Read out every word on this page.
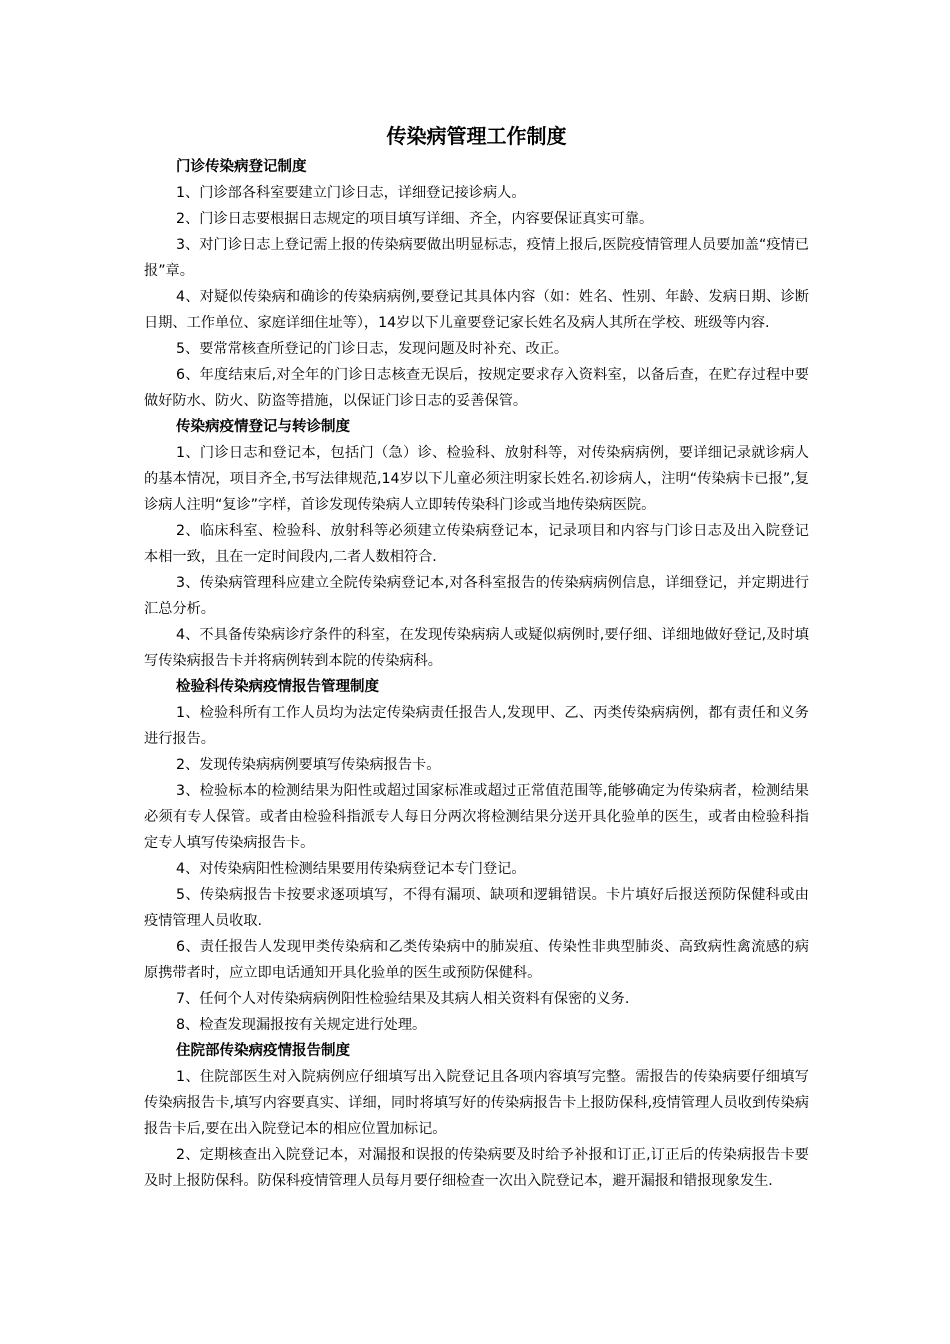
传染病管理工作制度

门诊传染病登记制度

1、门诊部各科室要建立门诊日志，详细登记接诊病人。

2、门诊日志要根据日志规定的项目填写详细、齐全，内容要保证真实可靠。

3、对门诊日志上登记需上报的传染病要做出明显标志，疫情上报后,医院疫情管理人员要加盖“疫情已报”章。

4、对疑似传染病和确诊的传染病病例,要登记其具体内容（如：姓名、性别、年龄、发病日期、诊断日期、工作单位、家庭详细住址等），14岁以下儿童要登记家长姓名及病人其所在学校、班级等内容.

5、要常常核查所登记的门诊日志，发现问题及时补充、改正。

6、年度结束后,对全年的门诊日志核查无误后，按规定要求存入资料室，以备后查，在贮存过程中要做好防水、防火、防盗等措施，以保证门诊日志的妥善保管。

传染病疫情登记与转诊制度

1、门诊日志和登记本，包括门（急）诊、检验科、放射科等，对传染病病例，要详细记录就诊病人的基本情况，项目齐全,书写法律规范,14岁以下儿童必须注明家长姓名.初诊病人，注明“传染病卡已报”,复诊病人注明“复诊”字样，首诊发现传染病人立即转传染科门诊或当地传染病医院。

2、临床科室、检验科、放射科等必须建立传染病登记本，记录项目和内容与门诊日志及出入院登记本相一致，且在一定时间段内,二者人数相符合.

3、传染病管理科应建立全院传染病登记本,对各科室报告的传染病病例信息，详细登记，并定期进行汇总分析。

4、不具备传染病诊疗条件的科室，在发现传染病病人或疑似病例时,要仔细、详细地做好登记,及时填写传染病报告卡并将病例转到本院的传染病科。

检验科传染病疫情报告管理制度

1、检验科所有工作人员均为法定传染病责任报告人,发现甲、乙、丙类传染病病例，都有责任和义务进行报告。

2、发现传染病病例要填写传染病报告卡。

3、检验标本的检测结果为阳性或超过国家标准或超过正常值范围等,能够确定为传染病者，检测结果必须有专人保管。或者由检验科指派专人每日分两次将检测结果分送开具化验单的医生，或者由检验科指定专人填写传染病报告卡。

4、对传染病阳性检测结果要用传染病登记本专门登记。

5、传染病报告卡按要求逐项填写，不得有漏项、缺项和逻辑错误。卡片填好后报送预防保健科或由疫情管理人员收取.

6、责任报告人发现甲类传染病和乙类传染病中的肺炭疽、传染性非典型肺炎、高致病性禽流感的病原携带者时，应立即电话通知开具化验单的医生或预防保健科。

7、任何个人对传染病病例阳性检验结果及其病人相关资料有保密的义务.

8、检查发现漏报按有关规定进行处理。

住院部传染病疫情报告制度

1、住院部医生对入院病例应仔细填写出入院登记且各项内容填写完整。需报告的传染病要仔细填写传染病报告卡,填写内容要真实、详细，同时将填写好的传染病报告卡上报防保科,疫情管理人员收到传染病报告卡后,要在出入院登记本的相应位置加标记。

2、定期核查出入院登记本，对漏报和误报的传染病要及时给予补报和订正,订正后的传染病报告卡要及时上报防保科。防保科疫情管理人员每月要仔细检查一次出入院登记本，避开漏报和错报现象发生.
